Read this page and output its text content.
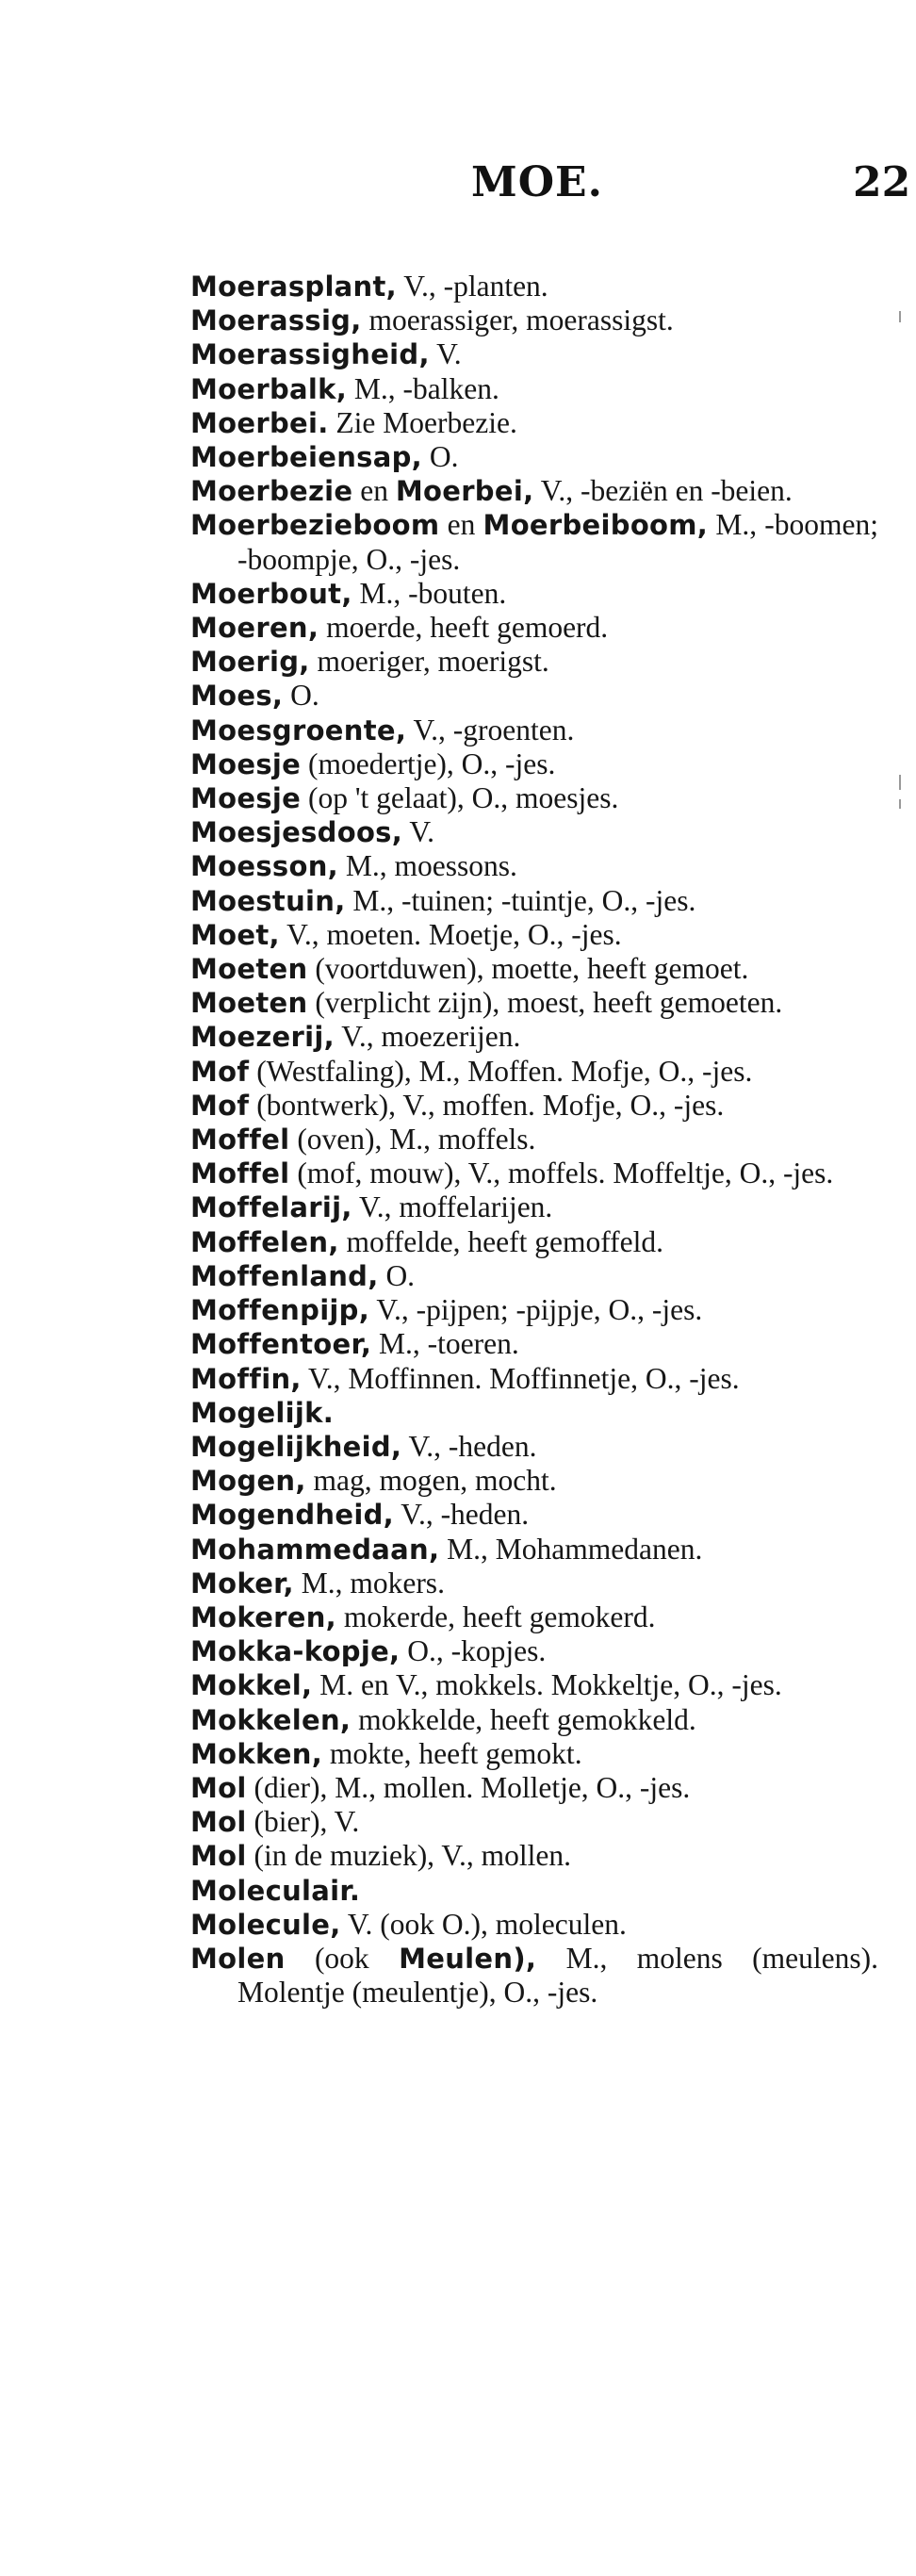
MOE.	22

Moerasplant, V., -planten.

Moerassig, moerassiger, moerassigst.

Moerassigheid, V.

Moerbalk, M., -balken.

Moerbei. Zie Moerbezie.

Moerbeiensap, O.

Moerbezie en Moerbei, V., -beziën en -beien.

Moerbezieboom en Moerbeiboom, M., -boomen; -boompje, O., -jes.

Moerbout, M., -bouten.

Moeren, moerde, heeft gemoerd.

Moerig, moeriger, moerigst.

Moes, O.

Moesgroente, V., -groenten.

Moesje (moedertje), O., -jes.

Moesje (op 't gelaat), O., moesjes.

Moesjesdoos, V.

Moesson, M., moessons.

Moestuin, M., -tuinen; -tuintje, O., -jes.

Moet, V., moeten. Moetje, O., -jes.

Moeten (voortduwen), moette, heeft gemoet.

Moeten (verplicht zijn), moest, heeft gemoeten.

Moezerij, V., moezerijen.

Mof (Westfaling), M., Moffen. Mofje, O., -jes.

Mof (bontwerk), V., moffen. Mofje, O., -jes.

Moffel (oven), M., moffels.

Moffel (mof, mouw), V., moffels. Moffeltje, O., -jes.

Moffelarij, V., moffelarijen.

Moffelen, moffelde, heeft gemoffeld.

Moffenland, O.

Moffenpijp, V., -pijpen; -pijpje, O., -jes.

Moffentoer, M., -toeren.

Moffin, V., Moffinnen. Moffinnetje, O., -jes.

Mogelijk.

Mogelijkheid, V., -heden.

Mogen, mag, mogen, mocht.

Mogendheid, V., -heden.

Mohammedaan, M., Mohammedanen.

Moker, M., mokers.

Mokeren, mokerde, heeft gemokerd.

Mokka-kopje, O., -kopjes.

Mokkel, M. en V., mokkels. Mokkeltje, O., -jes.

Mokkelen, mokkelde, heeft gemokkeld.

Mokken, mokte, heeft gemokt.

Mol (dier), M., mollen. Molletje, O., -jes.

Mol (bier), V.

Mol (in de muziek), V., mollen.

Moleculair.

Molecule, V. (ook O.), moleculen.

Molen (ook Meulen), M., molens (meulens). Molentje (meulentje), O., -jes.
